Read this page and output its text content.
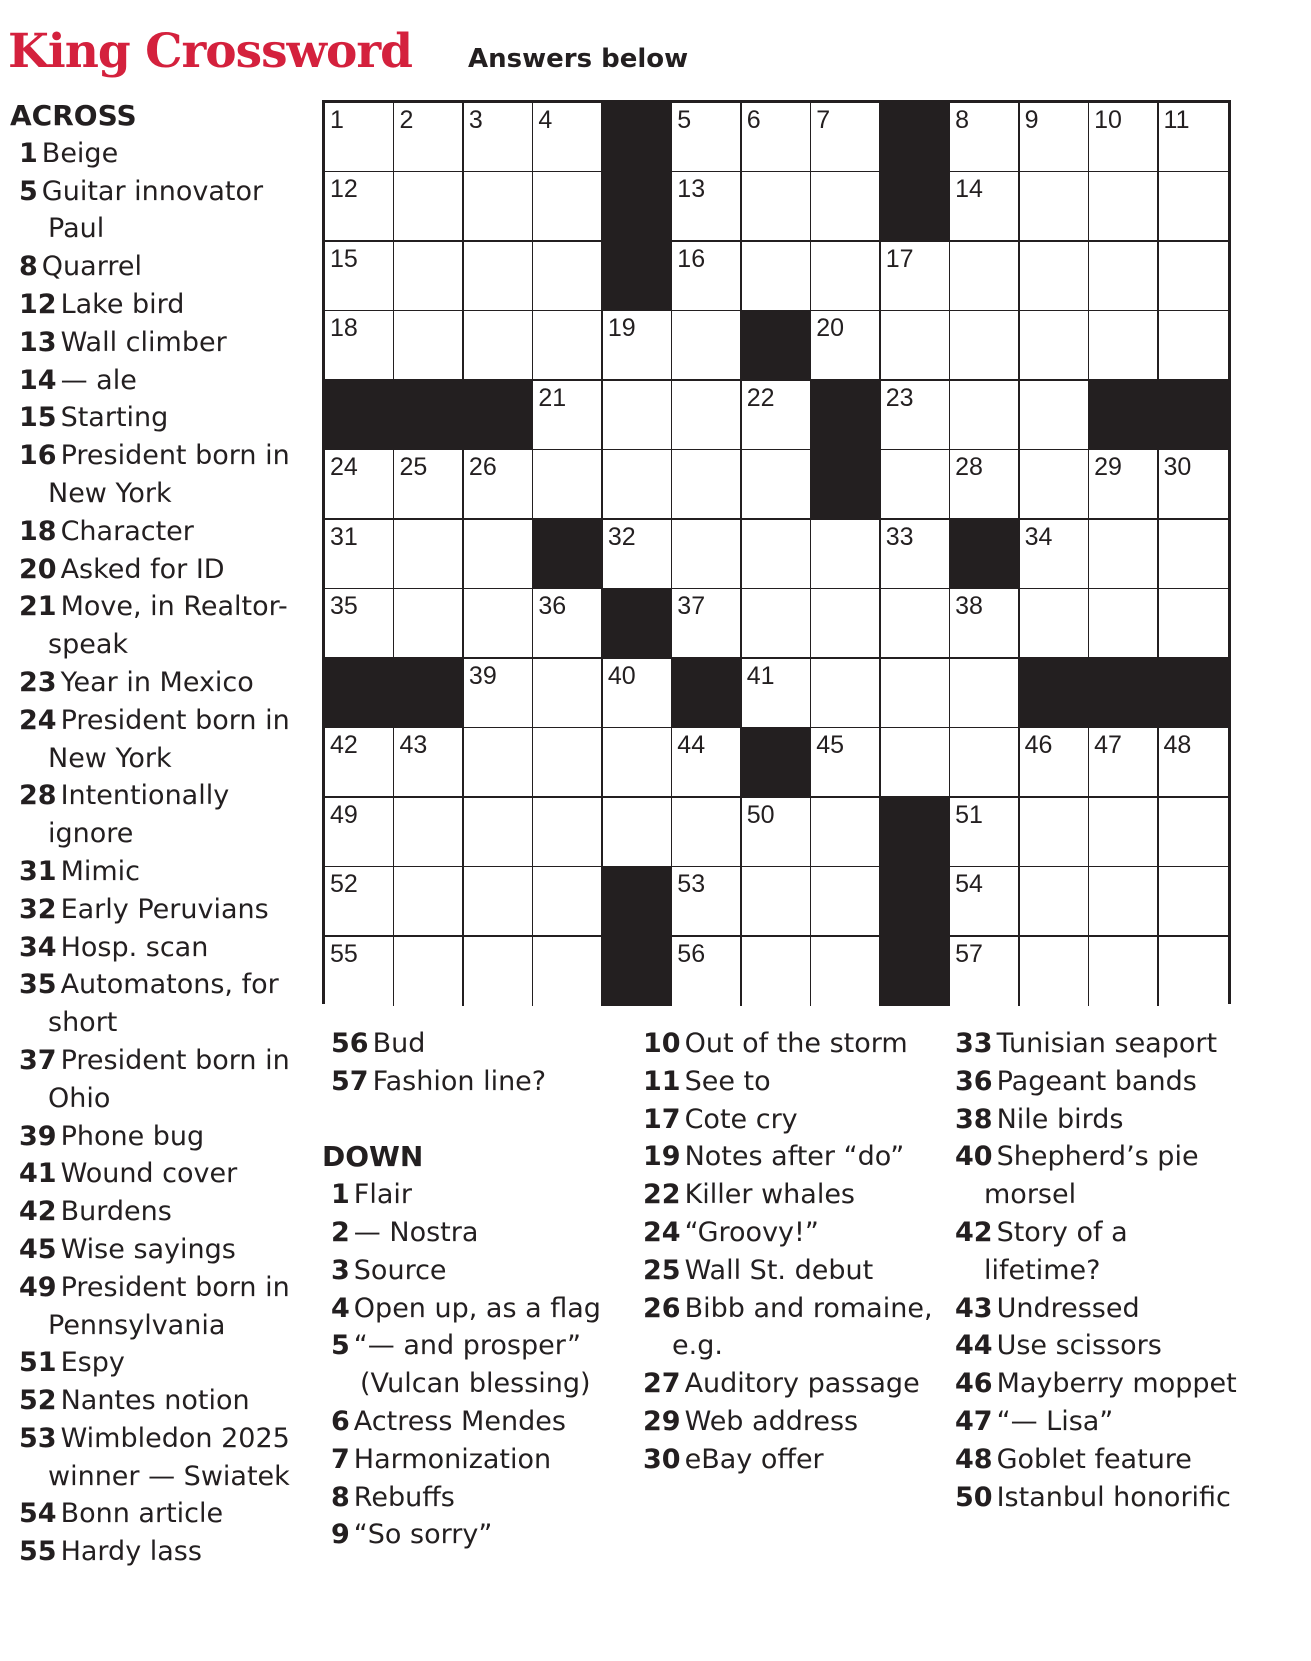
King Crossword Answers below
1 2 3 4	5 6 7	8 9 10 11
12	13	14
15	16	17
18	19	20
21	22	23
24 25 26	28	29 30
31	32	33	34
35	36	37	38
39	40	41
42 43	44	45	46 47 48
49	50	51
52	53	54
55	56	57
ACROSS
1 Beige
5 Guitar innovator Paul
8 Quarrel
12 Lake bird
13 Wall climber
14 — ale
15 Starting
16 President born in New York
18 Character
20 Asked for ID
21 Move, in Realtor-speak
23 Year in Mexico
24 President born in New York
28 Intentionally ignore
31 Mimic
32 Early Peruvians
34 Hosp. scan
35 Automatons, for short
37 President born in Ohio
39 Phone bug
41 Wound cover
42 Burdens
45 Wise sayings
49 President born in Pennsylvania
51 Espy
52 Nantes notion
53 Wimbledon 2025 winner — Swiatek
54 Bonn article
55 Hardy lass
56 Bud
57 Fashion line?
DOWN
1 Flair
2 — Nostra
3 Source
4 Open up, as a flag
5 “— and prosper” (Vulcan blessing)
6 Actress Mendes
7 Harmonization
8 Rebuffs
9 “So sorry”
10 Out of the storm
11 See to
17 Cote cry
19 Notes after “do”
22 Killer whales
24 “Groovy!”
25 Wall St. debut
26 Bibb and romaine, e.g.
27 Auditory passage
29 Web address
30 eBay offer
33 Tunisian seaport
36 Pageant bands
38 Nile birds
40 Shepherd’s pie morsel
42 Story of a lifetime?
43 Undressed
44 Use scissors
46 Mayberry moppet
47 “— Lisa”
48 Goblet feature
50 Istanbul honorific
